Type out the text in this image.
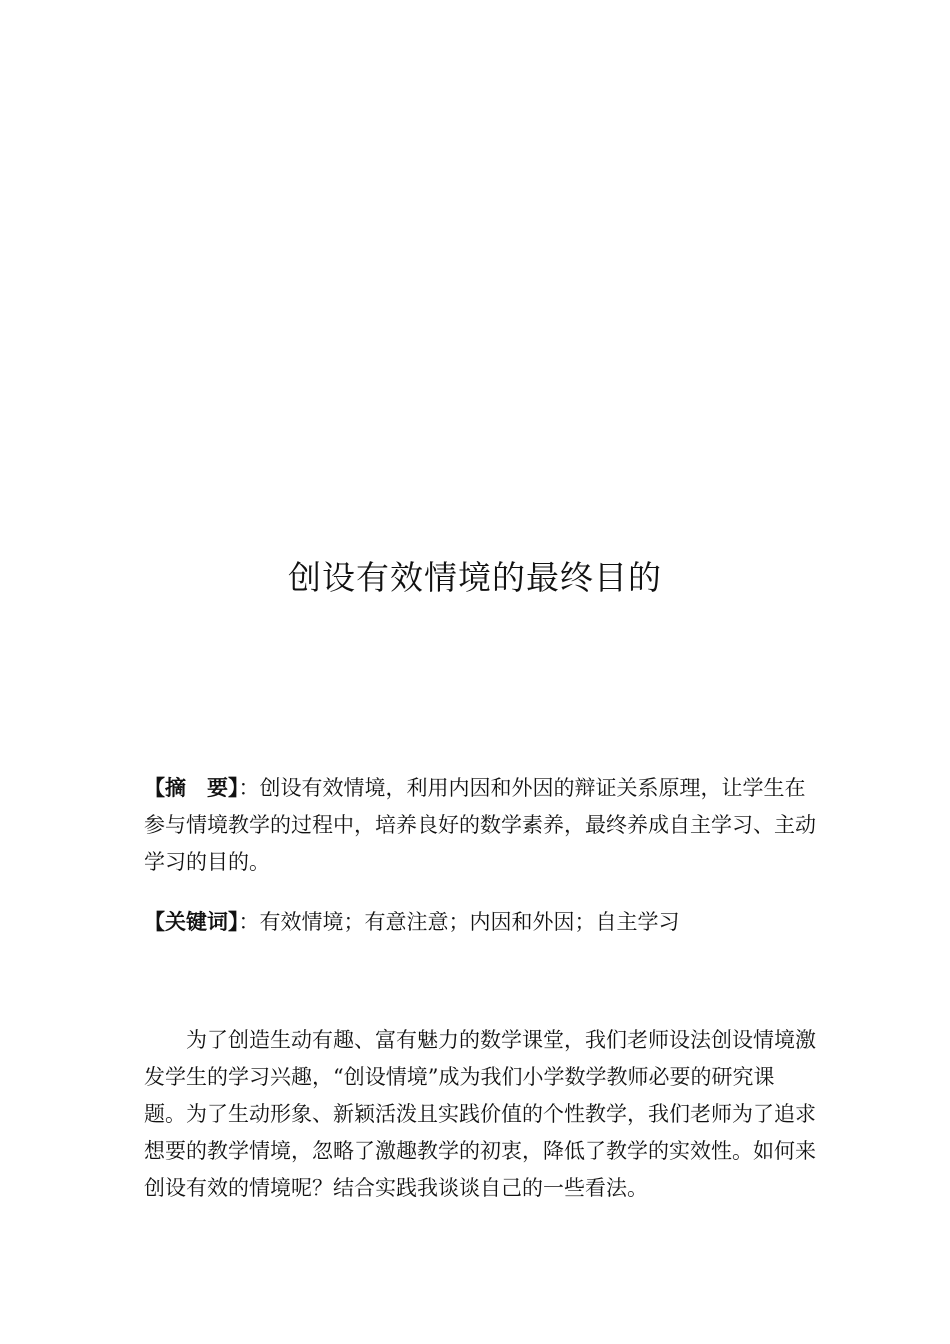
创设有效情境的最终目的

【摘　要】：创设有效情境，利用内因和外因的辩证关系原理，让学生在参与情境教学的过程中，培养良好的数学素养，最终养成自主学习、主动学习的目的。

【关键词】：有效情境；有意注意；内因和外因；自主学习

为了创造生动有趣、富有魅力的数学课堂，我们老师设法创设情境激发学生的学习兴趣，“创设情境”成为我们小学数学教师必要的研究课题。为了生动形象、新颖活泼且实践价值的个性教学，我们老师为了追求想要的教学情境，忽略了激趣教学的初衷，降低了教学的实效性。如何来创设有效的情境呢？结合实践我谈谈自己的一些看法。
